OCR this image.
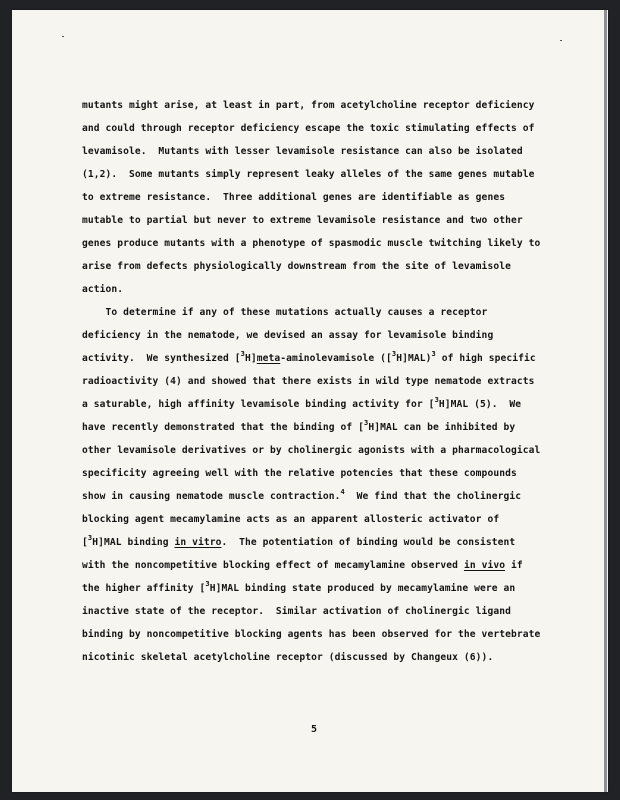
mutants might arise, at least in part, from acetylcholine receptor deficiency
and could through receptor deficiency escape the toxic stimulating effects of
levamisole.  Mutants with lesser levamisole resistance can also be isolated
(1,2).  Some mutants simply represent leaky alleles of the same genes mutable
to extreme resistance.  Three additional genes are identifiable as genes
mutable to partial but never to extreme levamisole resistance and two other
genes produce mutants with a phenotype of spasmodic muscle twitching likely to
arise from defects physiologically downstream from the site of levamisole
action.
To determine if any of these mutations actually causes a receptor
deficiency in the nematode, we devised an assay for levamisole binding
activity.  We synthesized [$^3$H]meta-aminolevamisole $([^3H]MAL)^3$ of high specific
radioactivity (4) and showed that there exists in wild type nematode extracts
a saturable, high affinity levamisole binding activity for [$^3$H]MAL (5).  We
have recently demonstrated that the binding of [$^3$H]MAL can be inhibited by
other levamisole derivatives or by cholinergic agonists with a pharmacological
specificity agreeing well with the relative potencies that these compounds
show in causing nematode muscle contraction.$^4$  We find that the cholinergic
blocking agent mecamylamine acts as an apparent allosteric activator of
[$^3$H]MAL binding in vitro.  The potentiation of binding would be consistent
with the noncompetitive blocking effect of mecamylamine observed in vivo if
the higher affinity [$^3$H]MAL binding state produced by mecamylamine were an
inactive state of the receptor.  Similar activation of cholinergic ligand
binding by noncompetitive blocking agents has been observed for the vertebrate
nicotinic skeletal acetylcholine receptor (discussed by Changeux (6)).
5
